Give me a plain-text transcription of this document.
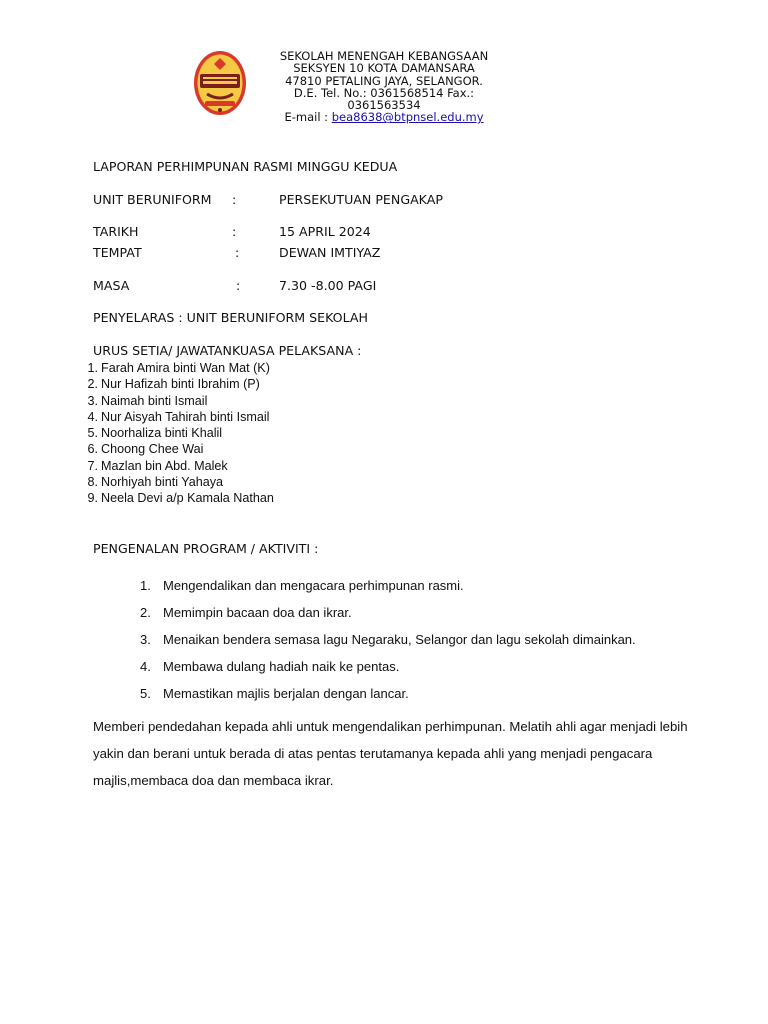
SEKOLAH MENENGAH KEBANGSAAN
SEKSYEN 10 KOTA DAMANSARA
47810 PETALING JAYA, SELANGOR.
D.E. Tel. No.: 0361568514 Fax.:
0361563534
E-mail : bea8638@btpnsel.edu.my
LAPORAN PERHIMPUNAN RASMI MINGGU KEDUA
UNIT BERUNIFORM :	PERSEKUTUAN PENGAKAP
TARIKH	:	15 APRIL 2024
TEMPAT	:	DEWAN IMTIYAZ
MASA	:	7.30 -8.00 PAGI
PENYELARAS : UNIT BERUNIFORM SEKOLAH
URUS SETIA/ JAWATANKUASA PELAKSANA :
1. Farah Amira binti Wan Mat (K)
2. Nur Hafizah binti Ibrahim (P)
3. Naimah binti Ismail
4. Nur Aisyah Tahirah binti Ismail
5. Noorhaliza binti Khalil
6. Choong Chee Wai
7. Mazlan bin Abd. Malek
8. Norhiyah binti Yahaya
9. Neela Devi a/p Kamala Nathan
PENGENALAN PROGRAM / AKTIVITI :
1. Mengendalikan dan mengacara perhimpunan rasmi.
2. Memimpin bacaan doa dan ikrar.
3. Menaikan bendera semasa lagu Negaraku, Selangor dan lagu sekolah dimainkan.
4. Membawa dulang hadiah naik ke pentas.
5. Memastikan majlis berjalan dengan lancar.

Memberi pendedahan kepada ahli untuk mengendalikan perhimpunan. Melatih ahli agar menjadi lebih yakin dan berani untuk berada di atas pentas terutamanya kepada ahli yang menjadi pengacara majlis,membaca doa dan membaca ikrar.
